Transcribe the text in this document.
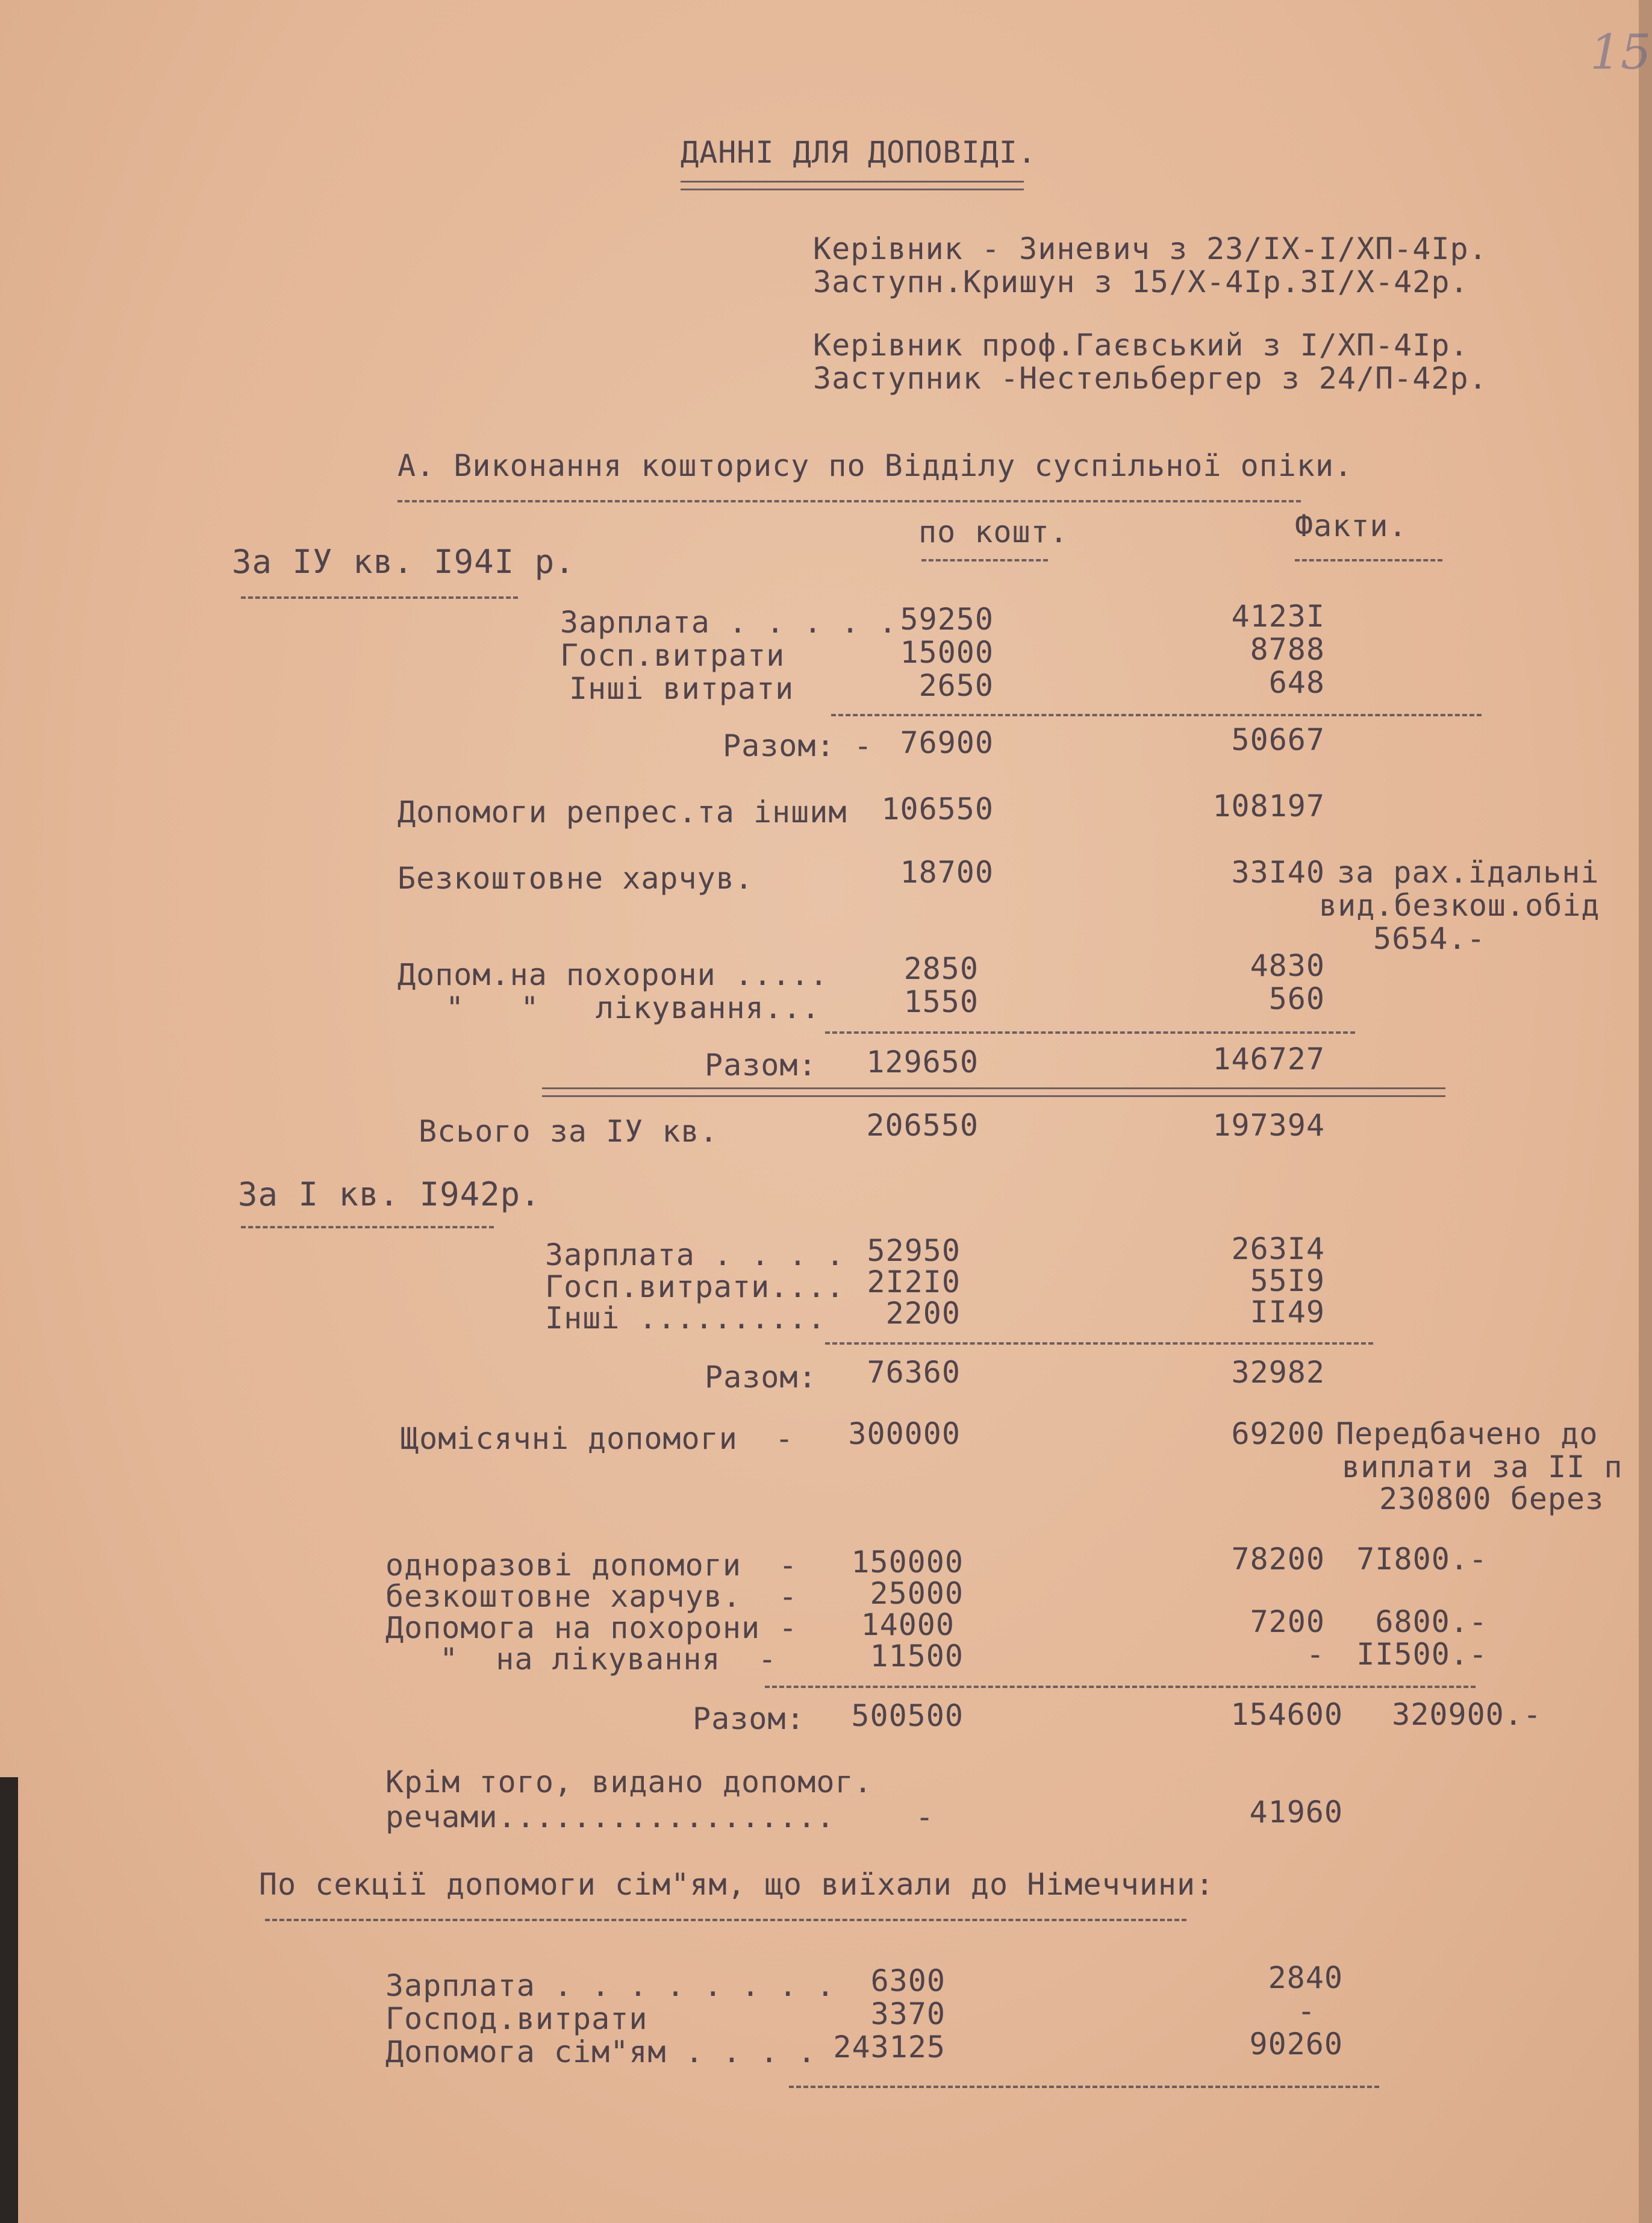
15
ДАННІ ДЛЯ ДОПОВІДІ.
Керівник - Зиневич з 23/ІХ-І/ХП-4Ір.
Заступн.Кришун з 15/Х-4Ір.3І/Х-42р.
Керівник проф.Гаєвський з І/ХП-4Ір.
Заступник -Нестельбергер з 24/П-42р.
А. Виконання кошторису по Відділу суспільної опіки.
по кошт.	Факти.
За ІУ кв. І94І р.
Зарплата . . . . . 59250	4123І
Госп.витрати	15000	8788
Інші витрати	2650	648
Разом: - 76900	50667
Допомоги репрес.та іншим	106550	108197
Безкоштовне харчув.	18700	33І40 за рах.їдальні
вид.безкош.обід
5654.-
Допом.на похорони .....	2850	4830
"   "   лікування...	1550	560
Разом:	129650	146727
Всього за ІУ кв.	206550	197394
За І кв. І942р.
Зарплата . . . . 52950	263І4
Госп.витрати.... 2І2І0	55І9
Інші ..........	2200	ІІ49
Разом:	76360	32982
Щомісячні допомоги  -	300000	69200 Передбачено до
виплати за ІІ п
230800 берез
одноразові допомоги  -	150000	78200 7І800.-
безкоштовне харчув.  -	25000
Допомога на похорони -	14000	7200	6800.-
"  на лікування  -	11500	- ІІ500.-
Разом:	500500	154600	320900.-
Крім того, видано допомог.
речами..................	-	41960
По секції допомоги сім"ям, що виїхали до Німеччини:
Зарплата . . . . . . . .	6300	2840
Господ.витрати	3370	-
Допомога сім"ям . . . . 243125	90260
